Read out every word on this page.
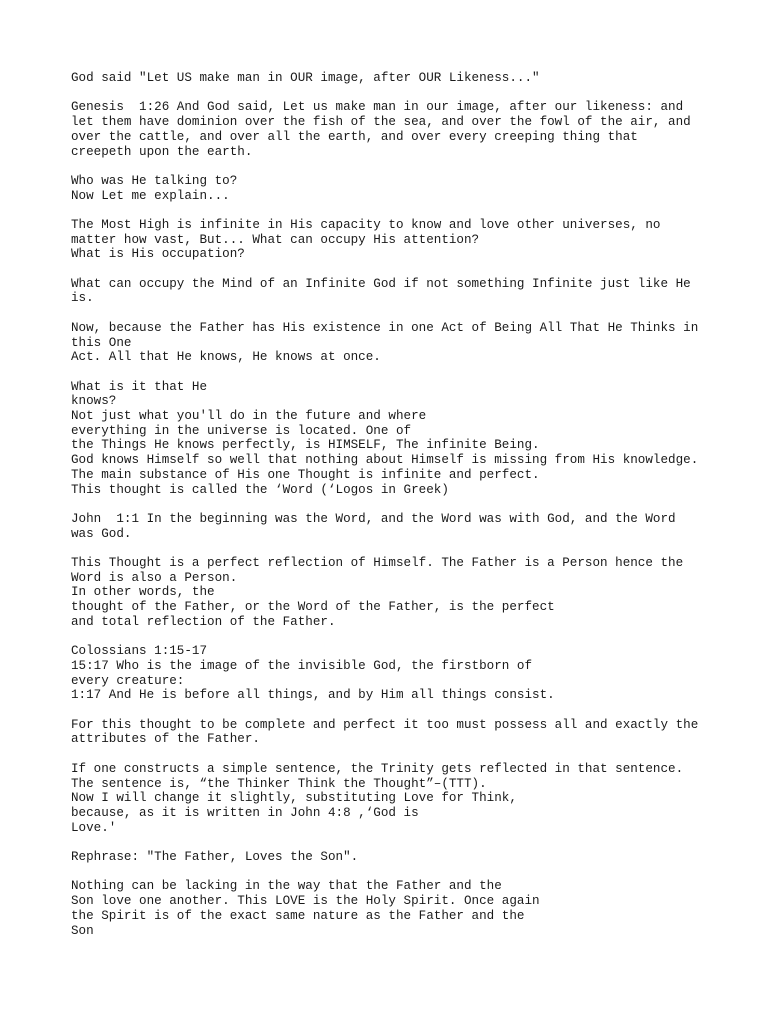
God said "Let US make man in OUR image, after OUR Likeness..."
Genesis  1:26 And God said, Let us make man in our image, after our likeness: and
let them have dominion over the fish of the sea, and over the fowl of the air, and
over the cattle, and over all the earth, and over every creeping thing that
creepeth upon the earth.
Who was He talking to?
Now Let me explain...
The Most High is infinite in His capacity to know and love other universes, no
matter how vast, But... What can occupy His attention?
What is His occupation?
What can occupy the Mind of an Infinite God if not something Infinite just like He
is.
Now, because the Father has His existence in one Act of Being All That He Thinks in
this One
Act. All that He knows, He knows at once.
What is it that He
knows?
Not just what you'll do in the future and where
everything in the universe is located. One of
the Things He knows perfectly, is HIMSELF, The infinite Being.
God knows Himself so well that nothing about Himself is missing from His knowledge.
The main substance of His one Thought is infinite and perfect.
This thought is called the ‘Word (‘Logos in Greek)
John  1:1 In the beginning was the Word, and the Word was with God, and the Word
was God.
This Thought is a perfect reflection of Himself. The Father is a Person hence the
Word is also a Person.
In other words, the
thought of the Father, or the Word of the Father, is the perfect
and total reflection of the Father.
Colossians 1:15-17
15:17 Who is the image of the invisible God, the firstborn of
every creature:
1:17 And He is before all things, and by Him all things consist.
For this thought to be complete and perfect it too must possess all and exactly the
attributes of the Father.
If one constructs a simple sentence, the Trinity gets reflected in that sentence.
The sentence is, “the Thinker Think the Thought”–(TTT).
Now I will change it slightly, substituting Love for Think,
because, as it is written in John 4:8 ,‘God is
Love.'
Rephrase: "The Father, Loves the Son".
Nothing can be lacking in the way that the Father and the
Son love one another. This LOVE is the Holy Spirit. Once again
the Spirit is of the exact same nature as the Father and the
Son
